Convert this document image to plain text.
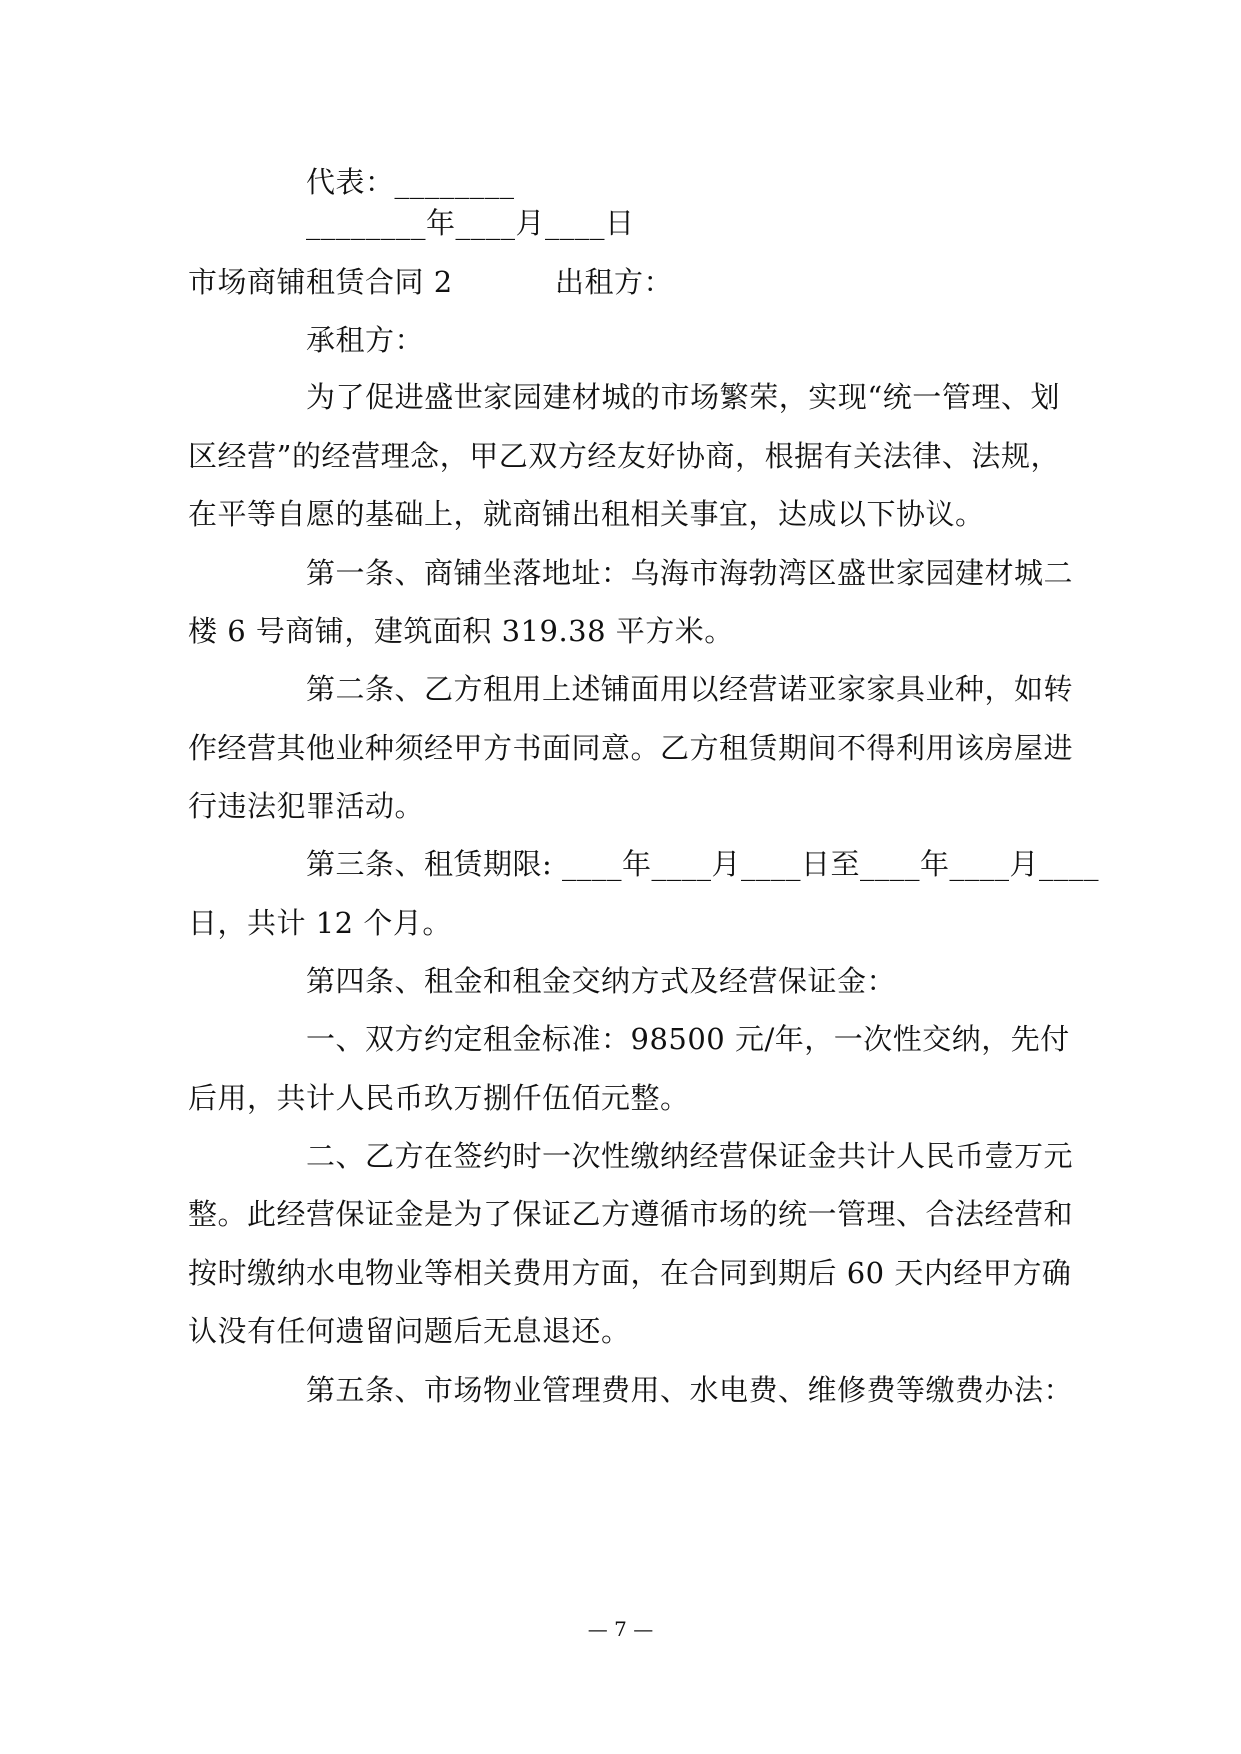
代表：________
________年____月____日
市场商铺租赁合同 2	出租方：
承租方：
为了促进盛世家园建材城的市场繁荣，实现“统一管理、划
区经营”的经营理念，甲乙双方经友好协商，根据有关法律、法规，
在平等自愿的基础上，就商铺出租相关事宜，达成以下协议。
第一条、商铺坐落地址：乌海市海勃湾区盛世家园建材城二
楼 6 号商铺，建筑面积 319.38 平方米。
第二条、乙方租用上述铺面用以经营诺亚家家具业种，如转
作经营其他业种须经甲方书面同意。乙方租赁期间不得利用该房屋进
行违法犯罪活动。
第三条、租赁期限: ____年____月____日至____年____月____
日，共计 12 个月。
第四条、租金和租金交纳方式及经营保证金：
一、双方约定租金标准：98500 元/年，一次性交纳，先付
后用，共计人民币玖万捌仟伍佰元整。
二、乙方在签约时一次性缴纳经营保证金共计人民币壹万元
整。此经营保证金是为了保证乙方遵循市场的统一管理、合法经营和
按时缴纳水电物业等相关费用方面，在合同到期后 60 天内经甲方确
认没有任何遗留问题后无息退还。
第五条、市场物业管理费用、水电费、维修费等缴费办法：
— 7 —
